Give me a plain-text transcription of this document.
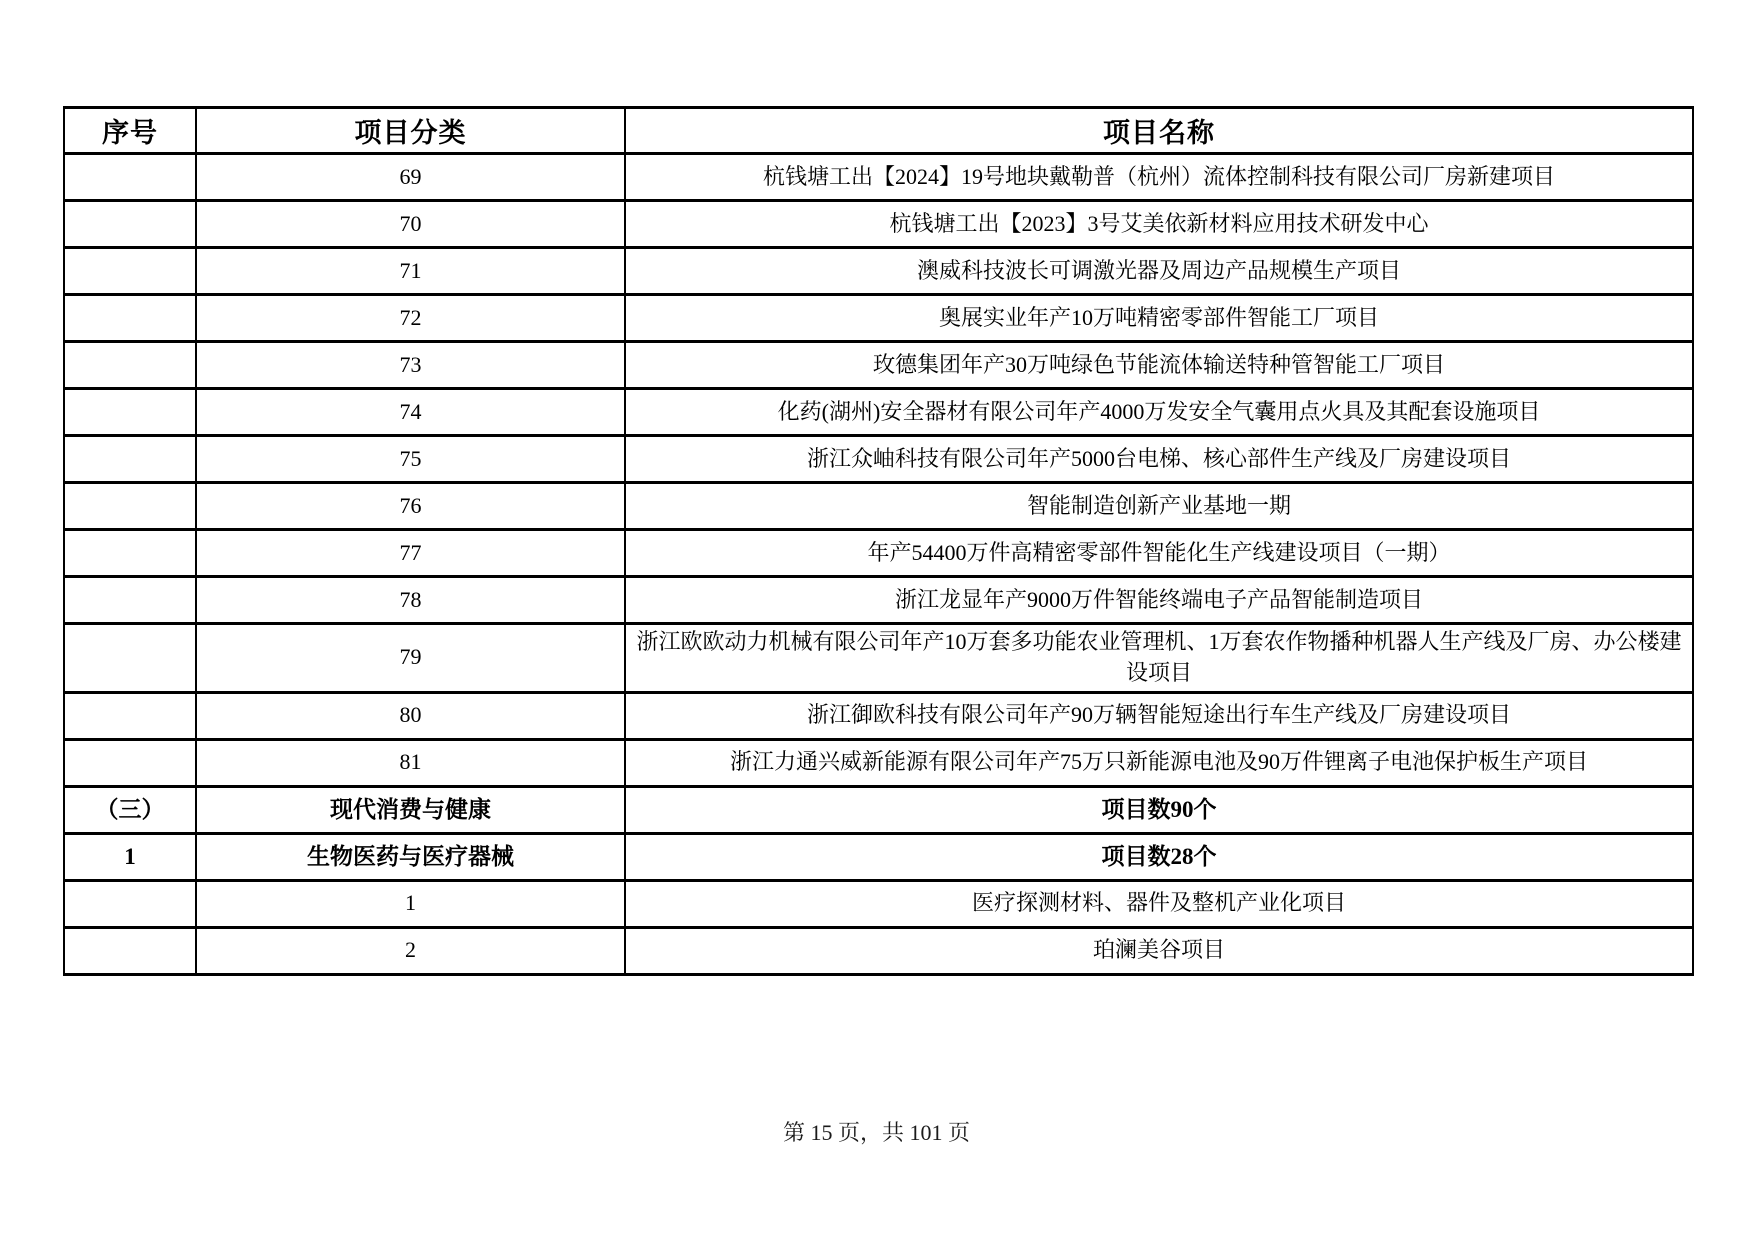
序号	项目分类	项目名称
	69	杭钱塘工出【2024】19号地块戴勒普（杭州）流体控制科技有限公司厂房新建项目
	70	杭钱塘工出【2023】3号艾美依新材料应用技术研发中心
	71	澳威科技波长可调激光器及周边产品规模生产项目
	72	奥展实业年产10万吨精密零部件智能工厂项目
	73	玫德集团年产30万吨绿色节能流体输送特种管智能工厂项目
	74	化药(湖州)安全器材有限公司年产4000万发安全气囊用点火具及其配套设施项目
	75	浙江众岫科技有限公司年产5000台电梯、核心部件生产线及厂房建设项目
	76	智能制造创新产业基地一期
	77	年产54400万件高精密零部件智能化生产线建设项目（一期）
	78	浙江龙显年产9000万件智能终端电子产品智能制造项目
	79	浙江欧欧动力机械有限公司年产10万套多功能农业管理机、1万套农作物播种机器人生产线及厂房、办公楼建设项目
	80	浙江御欧科技有限公司年产90万辆智能短途出行车生产线及厂房建设项目
	81	浙江力通兴威新能源有限公司年产75万只新能源电池及90万件锂离子电池保护板生产项目
（三）	现代消费与健康	项目数90个
1	生物医药与医疗器械	项目数28个
	1	医疗探测材料、器件及整机产业化项目
	2	珀澜美谷项目
第 15 页，共 101 页
